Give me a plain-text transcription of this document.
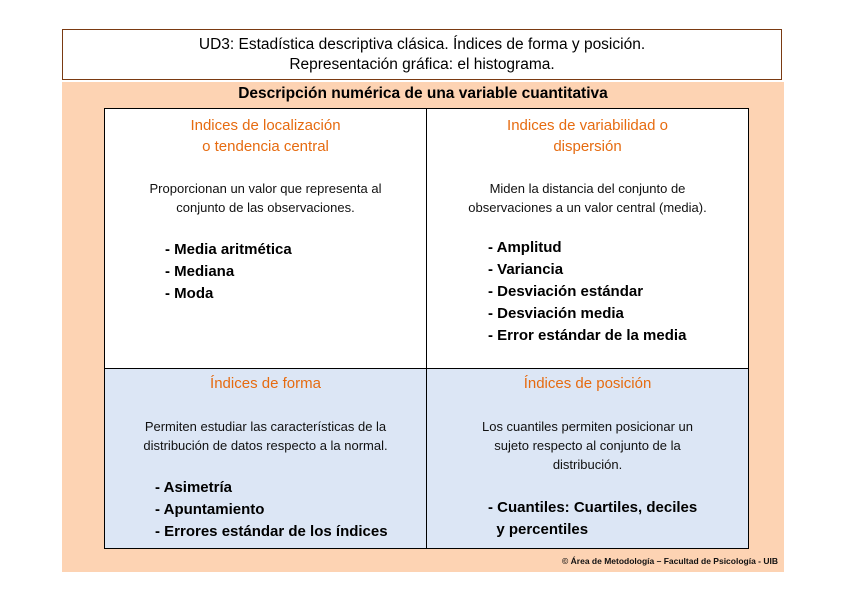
UD3: Estadística descriptiva clásica. Índices de forma y posición.
Representación gráfica: el histograma.
Descripción numérica de una variable cuantitativa
Indices de localización
o tendencia central
Proporcionan un valor que representa al
conjunto de las observaciones.
- Media aritmética
- Mediana
- Moda
Indices de variabilidad o
dispersión
Miden la distancia del conjunto de
observaciones a un valor central (media).
- Amplitud
- Variancia
- Desviación estándar
- Desviación media
- Error estándar de la media
Índices de forma
Permiten estudiar las características de la
distribución de datos respecto a la normal.
- Asimetría
- Apuntamiento
- Errores estándar de los índices
Índices de posición
Los cuantiles permiten posicionar un
sujeto respecto al conjunto de la
distribución.
- Cuantiles: Cuartiles, deciles
y percentiles
© Área de Metodología – Facultad de Psicología - UIB
